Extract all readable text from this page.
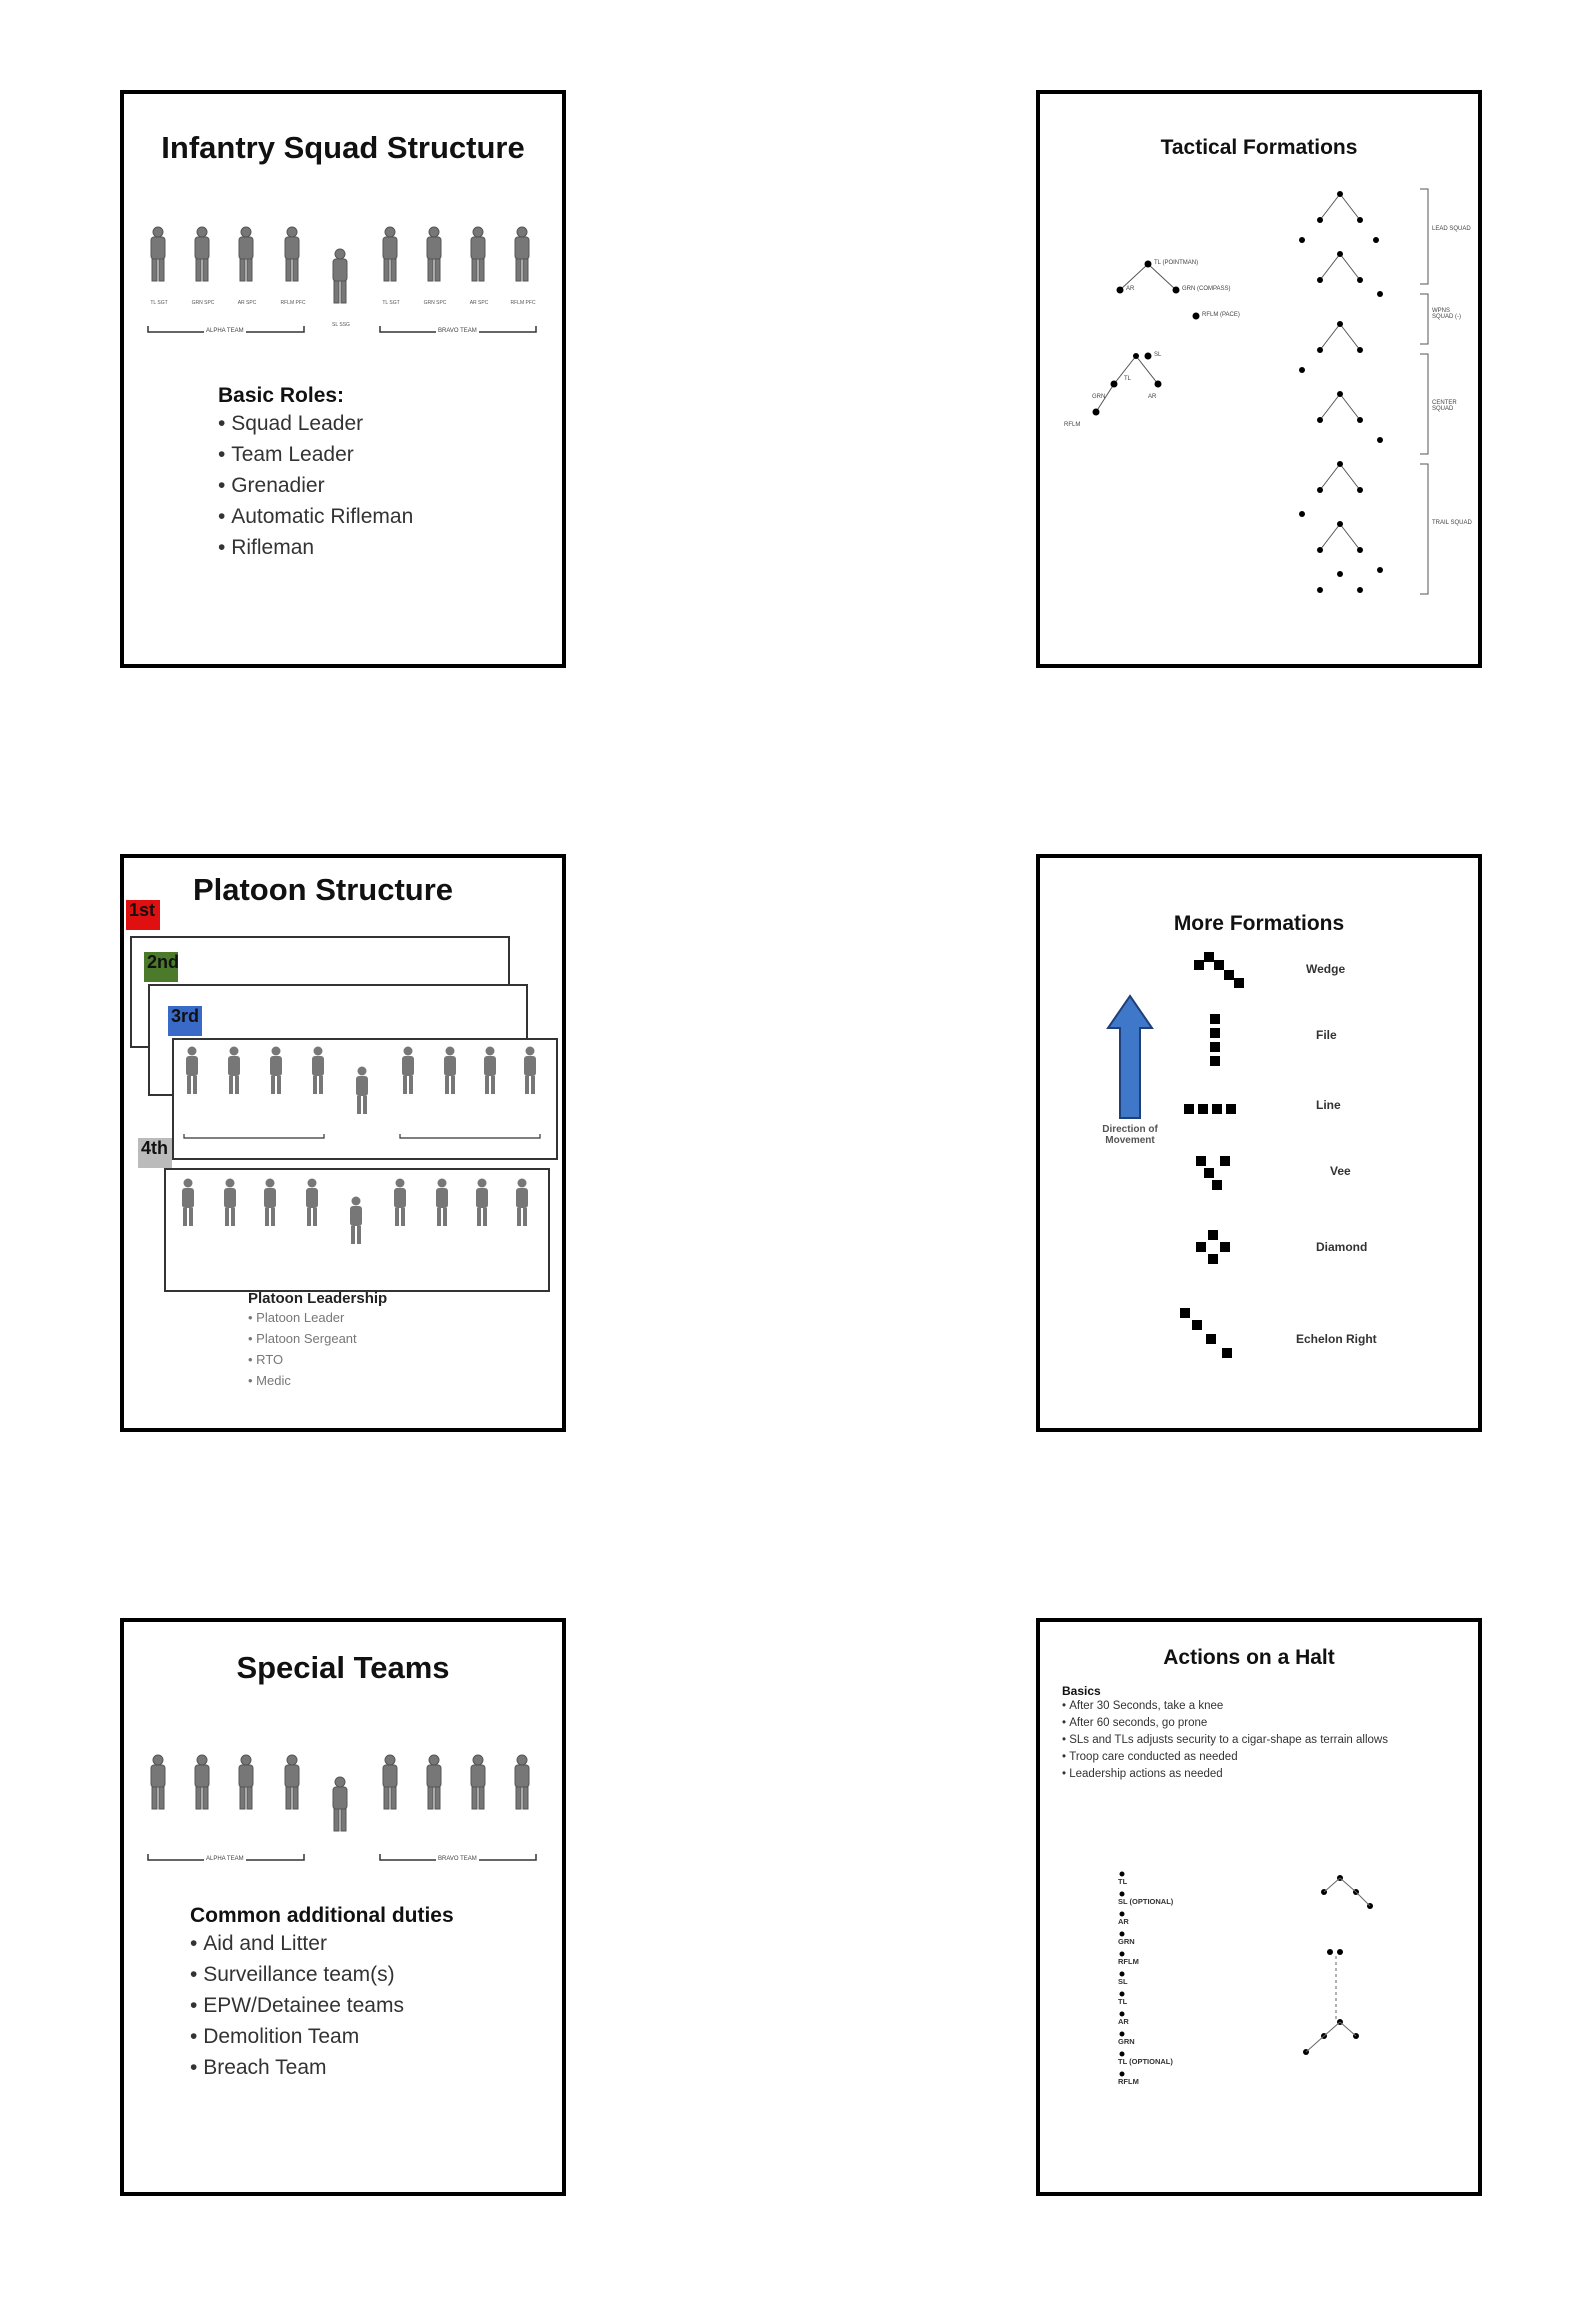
Infantry Squad Structure
TL SGT	GRN SPC	AR SPC	RFLM PFC
SL SSG
TL SGT	GRN SPC	AR SPC	RFLM PFC
ALPHA TEAM	BRAVO TEAM
Basic Roles:
• Squad Leader
• Team Leader
• Grenadier
• Automatic Rifleman
• Rifleman
Tactical Formations
TL (POINTMAN)
AR	GRN (COMPASS)
RFLM (PACE)
SL
TL
GRN	AR
RFLM
LEAD SQUAD
WPNS SQUAD (-)
CENTER SQUAD
TRAIL SQUAD
Platoon Structure
1st
2nd
3rd
4th
Platoon Leadership
• Platoon Leader
• Platoon Sergeant
• RTO
• Medic
More Formations
Direction of Movement
Wedge
File
Line
Vee
Diamond
Echelon Right
Special Teams
ALPHA TEAM	BRAVO TEAM
Common additional duties
• Aid and Litter
• Surveillance team(s)
• EPW/Detainee teams
• Demolition Team
• Breach Team
Actions on a Halt
Basics
• After 30 Seconds, take a knee
• After 60 seconds, go prone
• SLs and TLs adjusts security to a cigar-shape as terrain allows
• Troop care conducted as needed
• Leadership actions as needed
TL
SL (OPTIONAL)
AR
GRN
RFLM
SL
TL
AR
GRN
TL (OPTIONAL)
RFLM
